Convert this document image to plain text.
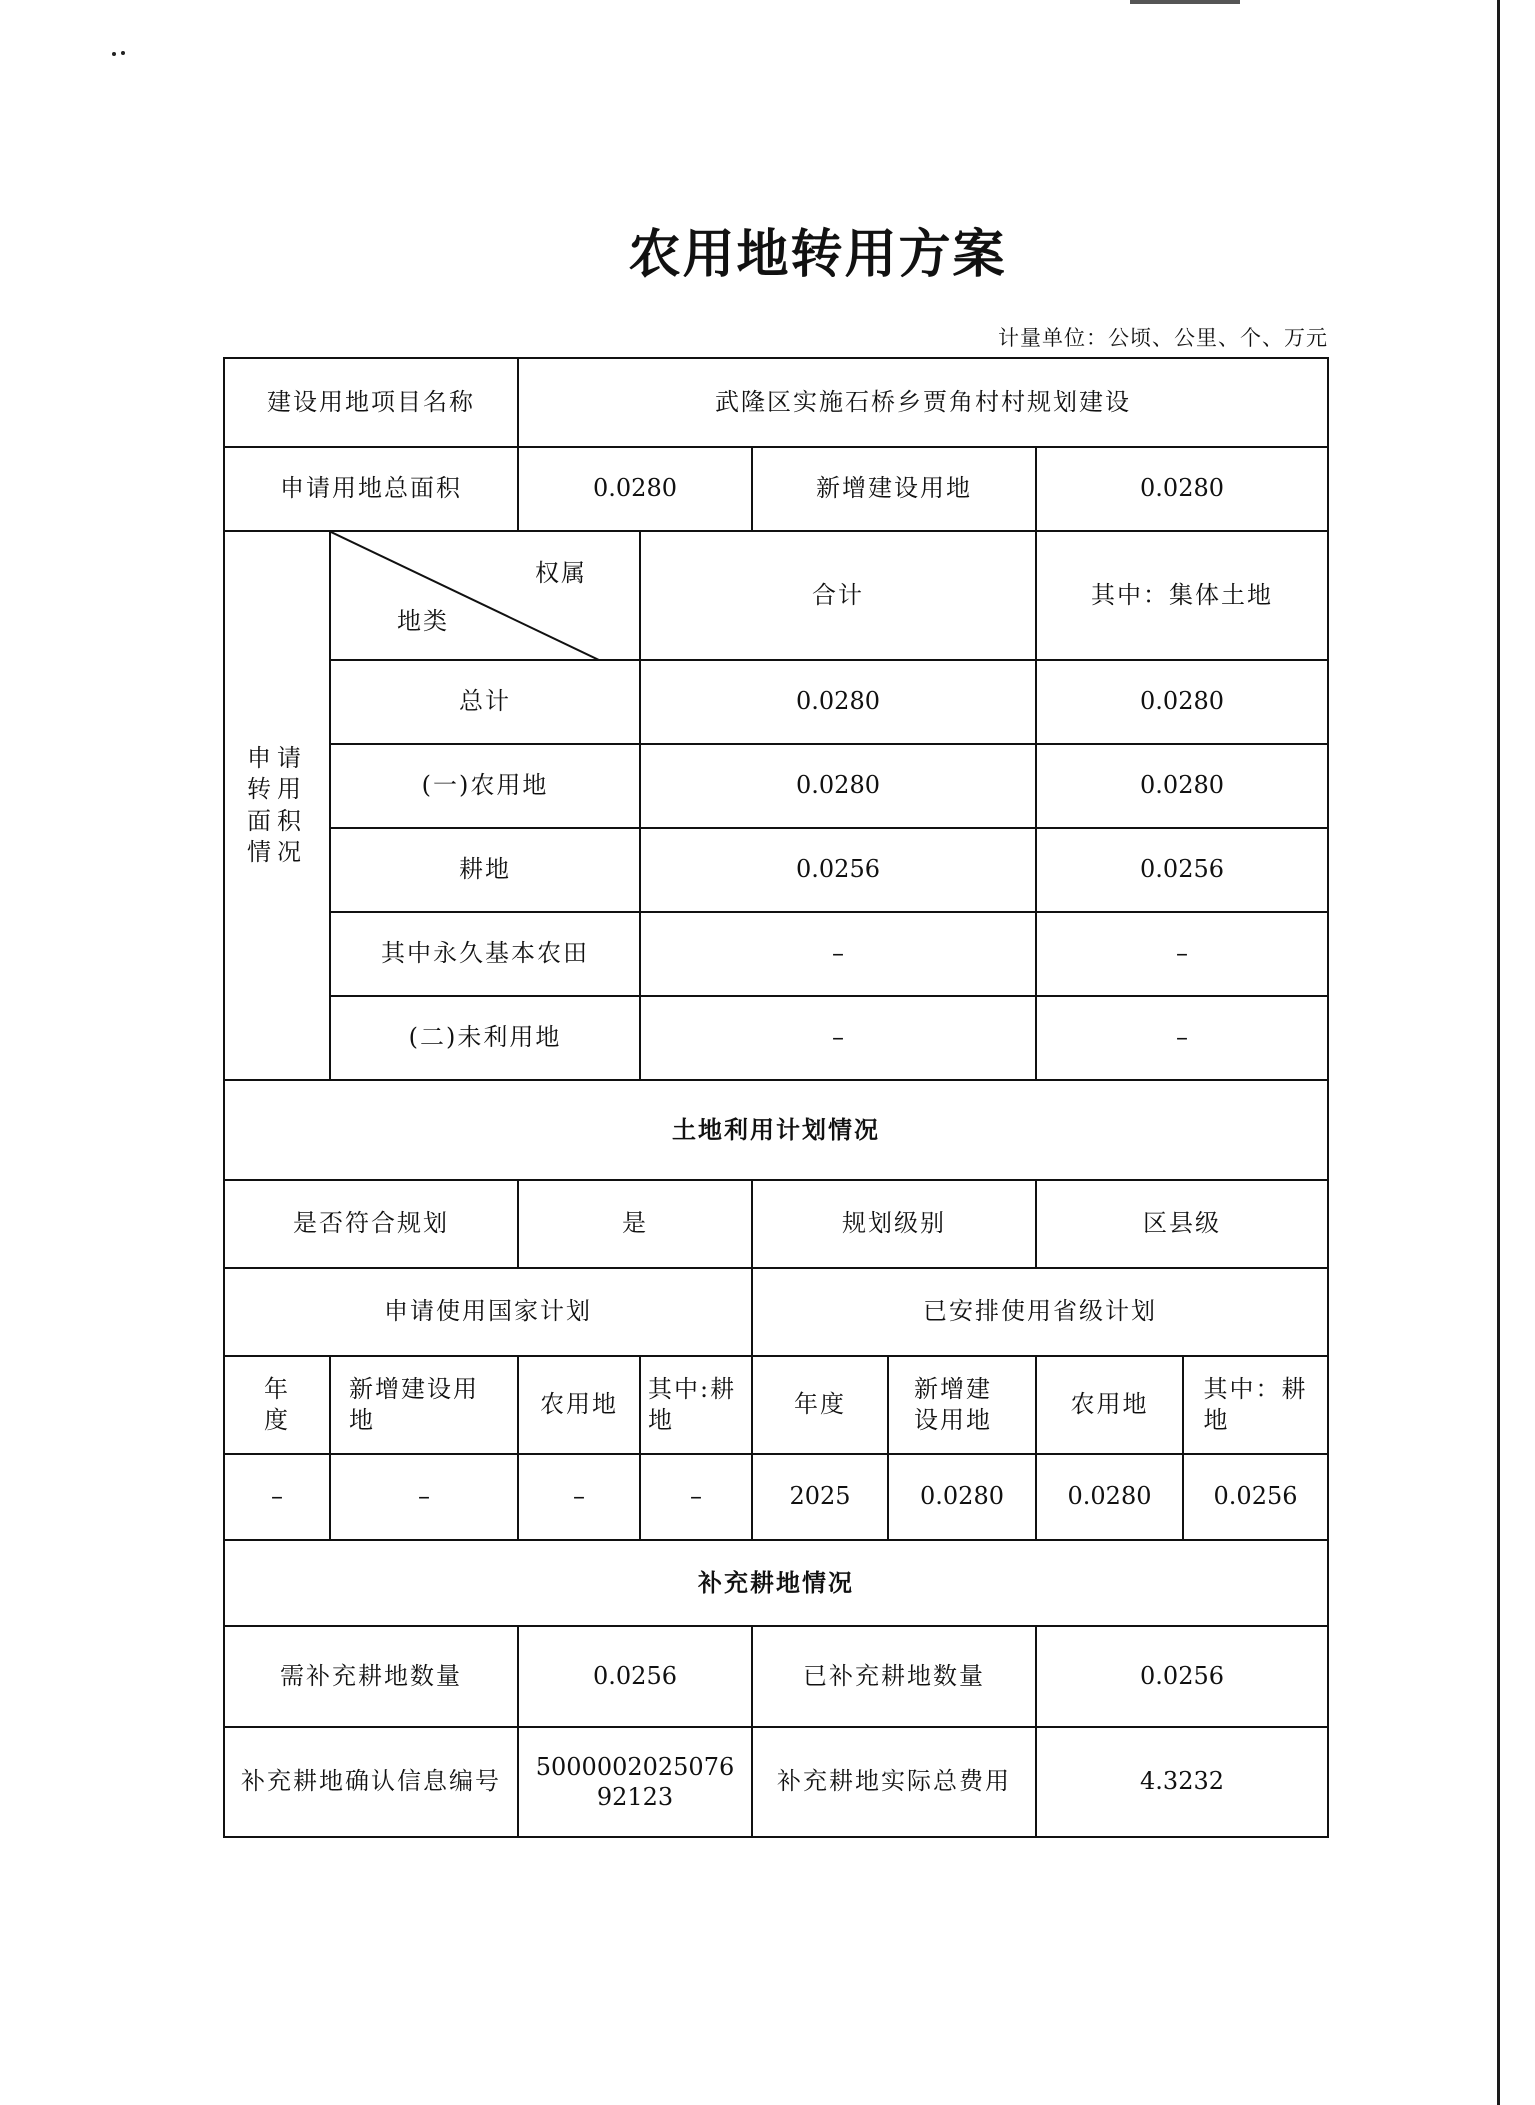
农用地转用方案
计量单位：公顷、公里、个、万元
建设用地项目名称		武隆区实施石桥乡贾角村村规划建设					
申请用地总面积		0.0280		新增建设用地		0.0280	

申请转用面积情况	权属
地类		合计			其中：集体土地	
	总计		0.0280			0.0280	
	(一)农用地		0.0280			0.0280	
	耕地		0.0256			0.0256	
	其中永久基本农田		–			–	
	(二)未利用地		–			–	
土地利用计划情况							
是否符合规划		是		规划级别		区县级	
申请使用国家计划				已安排使用省级计划			

年度	新增建设用地	农用地	其中:耕地	年度	新增建设用地	农用地	其中：耕地

–	–	–	–	2025	0.0280	0.0280	0.0256
补充耕地情况							
需补充耕地数量		0.0256		已补充耕地数量		0.0256	
补充耕地确认信息编号		500000202507692123		补充耕地实际总费用		4.3232	
